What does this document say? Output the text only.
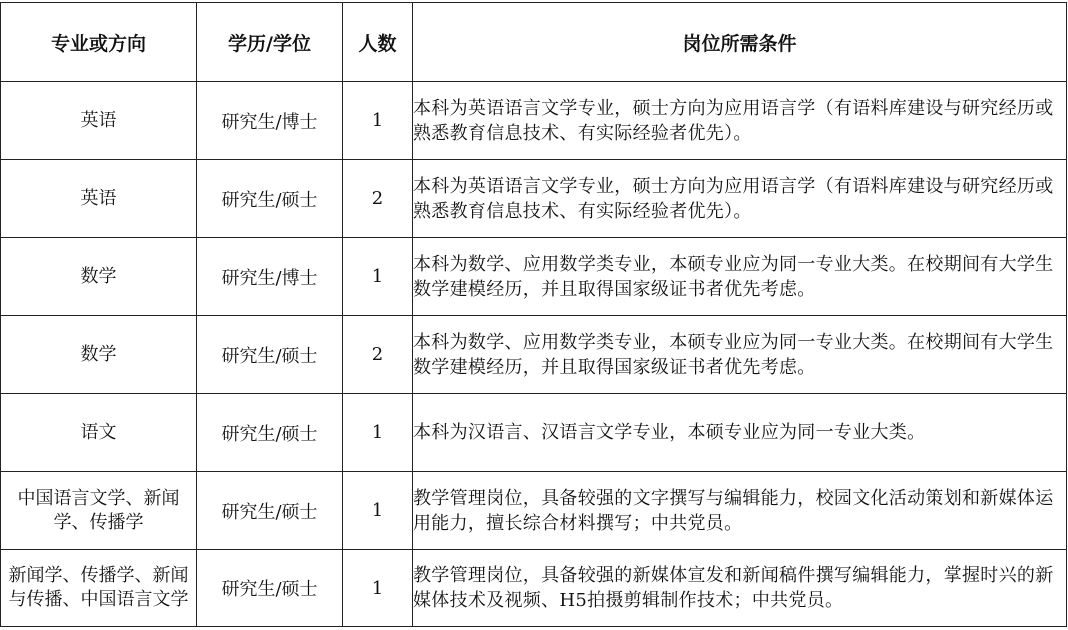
专业或方向	学历/学位	人数	岗位所需条件
英语	研究生/博士	1	本科为英语语言文学专业，硕士方向为应用语言学（有语料库建设与研究经历或熟悉教育信息技术、有实际经验者优先）。
英语	研究生/硕士	2	本科为英语语言文学专业，硕士方向为应用语言学（有语料库建设与研究经历或熟悉教育信息技术、有实际经验者优先）。
数学	研究生/博士	1	本科为数学、应用数学类专业，本硕专业应为同一专业大类。在校期间有大学生数学建模经历，并且取得国家级证书者优先考虑。
数学	研究生/硕士	2	本科为数学、应用数学类专业，本硕专业应为同一专业大类。在校期间有大学生数学建模经历，并且取得国家级证书者优先考虑。
语文	研究生/硕士	1	本科为汉语言、汉语言文学专业，本硕专业应为同一专业大类。
中国语言文学、新闻学、传播学	研究生/硕士	1	教学管理岗位，具备较强的文字撰写与编辑能力，校园文化活动策划和新媒体运用能力，擅长综合材料撰写；中共党员。
新闻学、传播学、新闻与传播、中国语言文学	研究生/硕士	1	教学管理岗位，具备较强的新媒体宣发和新闻稿件撰写编辑能力，掌握时兴的新媒体技术及视频、H5拍摄剪辑制作技术；中共党员。
